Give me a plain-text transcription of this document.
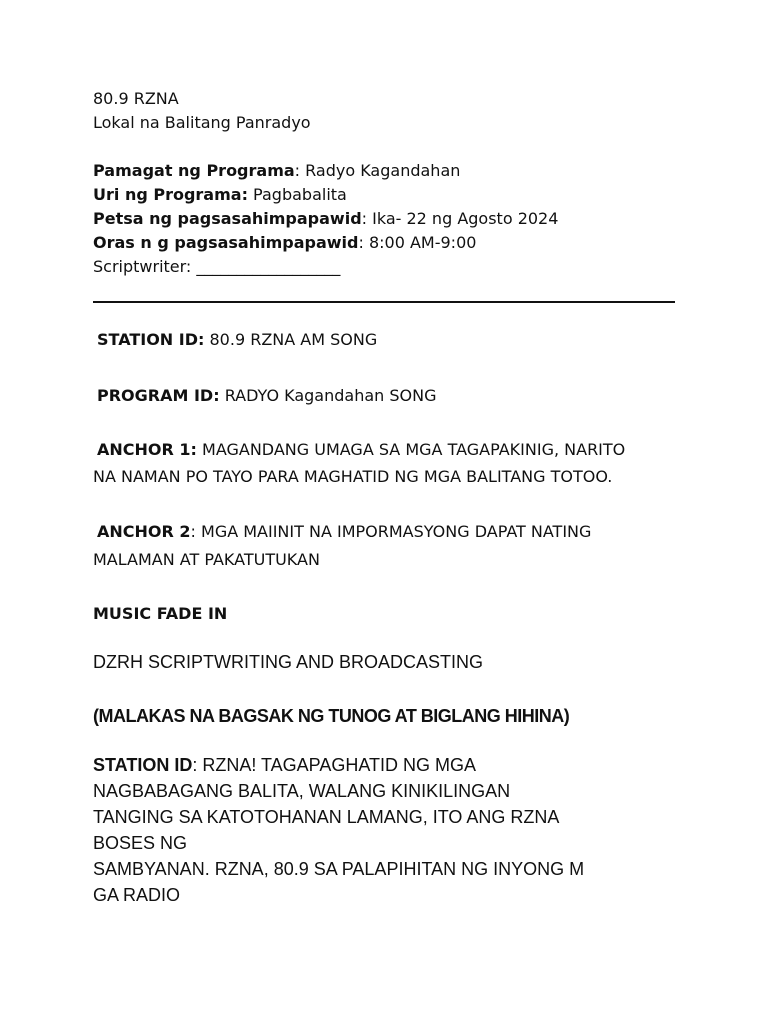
80.9 RZNA
Lokal na Balitang Panradyo
Pamagat ng Programa: Radyo Kagandahan
Uri ng Programa: Pagbabalita
Petsa ng pagsasahimpapawid: Ika- 22 ng Agosto 2024
Oras n g pagsasahimpapawid: 8:00 AM-9:00
Scriptwriter: __________________
STATION ID: 80.9 RZNA AM SONG
PROGRAM ID: RADYO Kagandahan SONG
ANCHOR 1: MAGANDANG UMAGA SA MGA TAGAPAKINIG, NARITO
NA NAMAN PO TAYO PARA MAGHATID NG MGA BALITANG TOTOO.
ANCHOR 2: MGA MAIINIT NA IMPORMASYONG DAPAT NATING
MALAMAN AT PAKATUTUKAN
MUSIC FADE IN
DZRH SCRIPTWRITING AND BROADCASTING
(MALAKAS NA BAGSAK NG TUNOG AT BIGLANG HIHINA)
STATION ID: RZNA! TAGAPAGHATID NG MGA
NAGBABAGANG BALITA, WALANG KINIKILINGAN
TANGING SA KATOTOHANAN LAMANG, ITO ANG RZNA
BOSES NG
SAMBYANAN. RZNA, 80.9 SA PALAPIHITAN NG INYONG M
GA RADIO
